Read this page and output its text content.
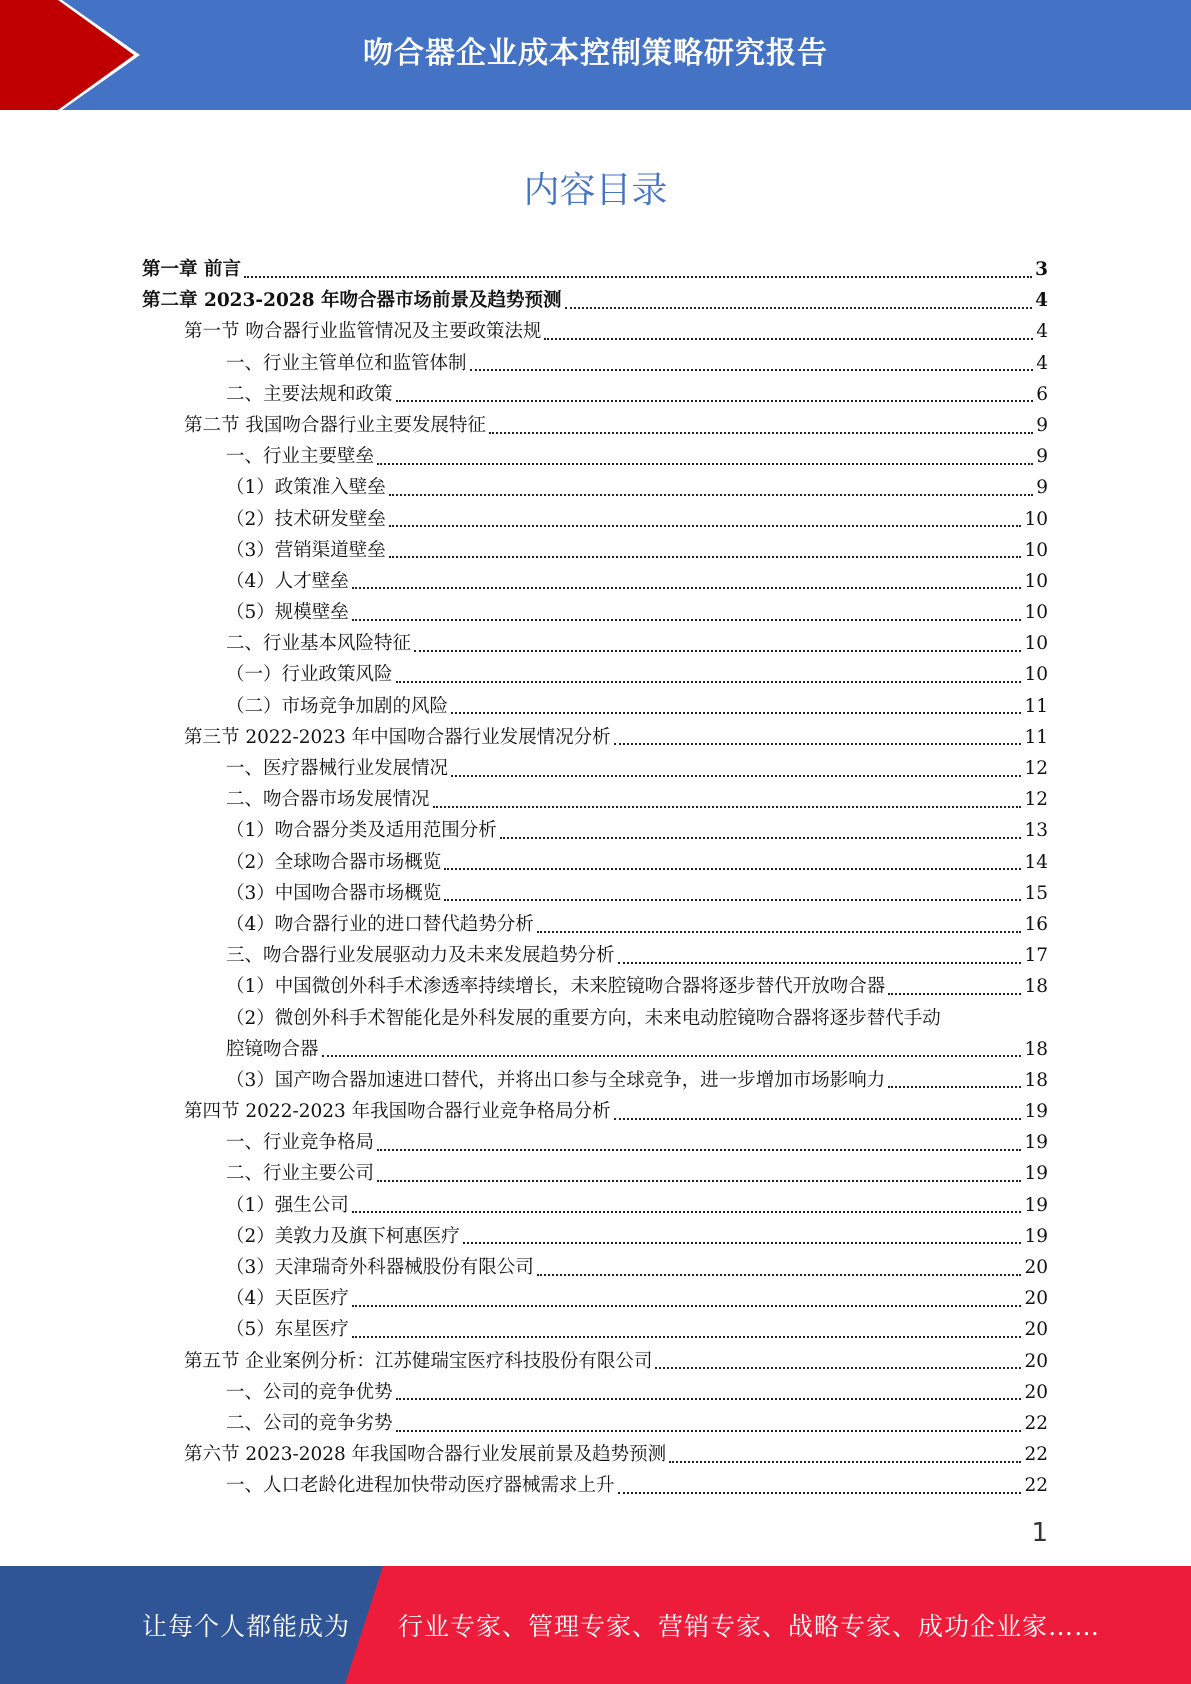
吻合器企业成本控制策略研究报告
内容目录
第一章 前言	3
第二章 2023-2028 年吻合器市场前景及趋势预测	4
第一节 吻合器行业监管情况及主要政策法规	4
一、行业主管单位和监管体制	4
二、主要法规和政策	6
第二节 我国吻合器行业主要发展特征	9
一、行业主要壁垒	9
（1）政策准入壁垒	9
（2）技术研发壁垒	10
（3）营销渠道壁垒	10
（4）人才壁垒	10
（5）规模壁垒	10
二、行业基本风险特征	10
（一）行业政策风险	10
（二）市场竞争加剧的风险	11
第三节 2022-2023 年中国吻合器行业发展情况分析	11
一、医疗器械行业发展情况	12
二、吻合器市场发展情况	12
（1）吻合器分类及适用范围分析	13
（2）全球吻合器市场概览	14
（3）中国吻合器市场概览	15
（4）吻合器行业的进口替代趋势分析	16
三、吻合器行业发展驱动力及未来发展趋势分析	17
（1）中国微创外科手术渗透率持续增长，未来腔镜吻合器将逐步替代开放吻合器	18
（2）微创外科手术智能化是外科发展的重要方向，未来电动腔镜吻合器将逐步替代手动
腔镜吻合器	18
（3）国产吻合器加速进口替代，并将出口参与全球竞争，进一步增加市场影响力	18
第四节 2022-2023 年我国吻合器行业竞争格局分析	19
一、行业竞争格局	19
二、行业主要公司	19
（1）强生公司	19
（2）美敦力及旗下柯惠医疗	19
（3）天津瑞奇外科器械股份有限公司	20
（4）天臣医疗	20
（5）东星医疗	20
第五节 企业案例分析：江苏健瑞宝医疗科技股份有限公司	20
一、公司的竞争优势	20
二、公司的竞争劣势	22
第六节 2023-2028 年我国吻合器行业发展前景及趋势预测	22
一、人口老龄化进程加快带动医疗器械需求上升	22
1
让每个人都能成为 行业专家、管理专家、营销专家、战略专家、成功企业家……
